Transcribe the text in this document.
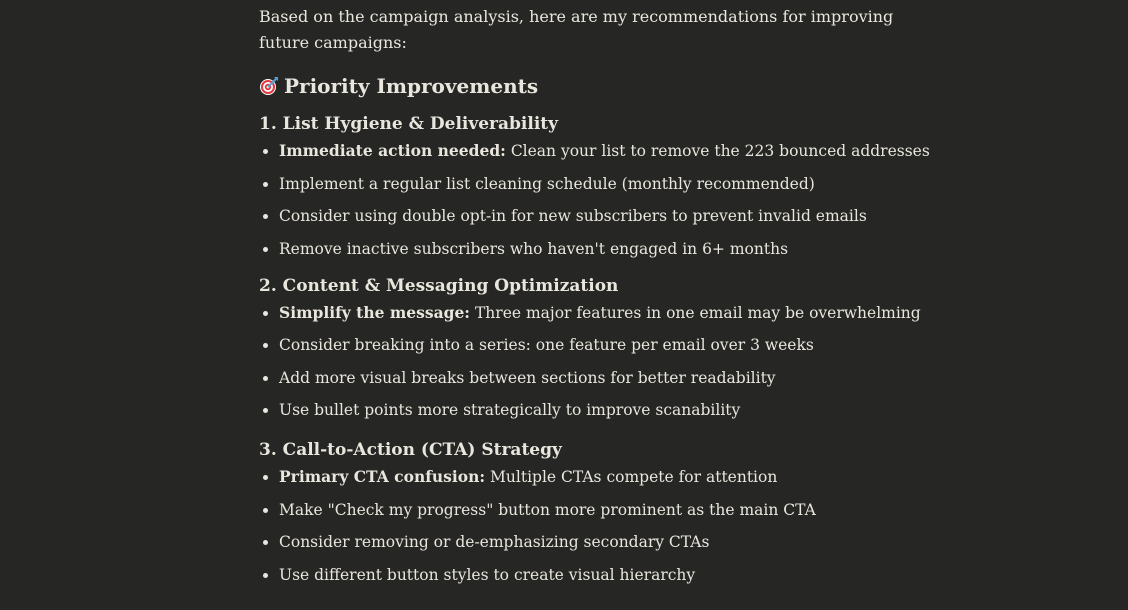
Based on the campaign analysis, here are my recommendations for improving future campaigns:

Priority Improvements
1. List Hygiene & Deliverability
Immediate action needed: Clean your list to remove the 223 bounced addresses
Implement a regular list cleaning schedule (monthly recommended)
Consider using double opt-in for new subscribers to prevent invalid emails
Remove inactive subscribers who haven't engaged in 6+ months
2. Content & Messaging Optimization
Simplify the message: Three major features in one email may be overwhelming
Consider breaking into a series: one feature per email over 3 weeks
Add more visual breaks between sections for better readability
Use bullet points more strategically to improve scanability
3. Call-to-Action (CTA) Strategy
Primary CTA confusion: Multiple CTAs compete for attention
Make "Check my progress" button more prominent as the main CTA
Consider removing or de-emphasizing secondary CTAs
Use different button styles to create visual hierarchy
